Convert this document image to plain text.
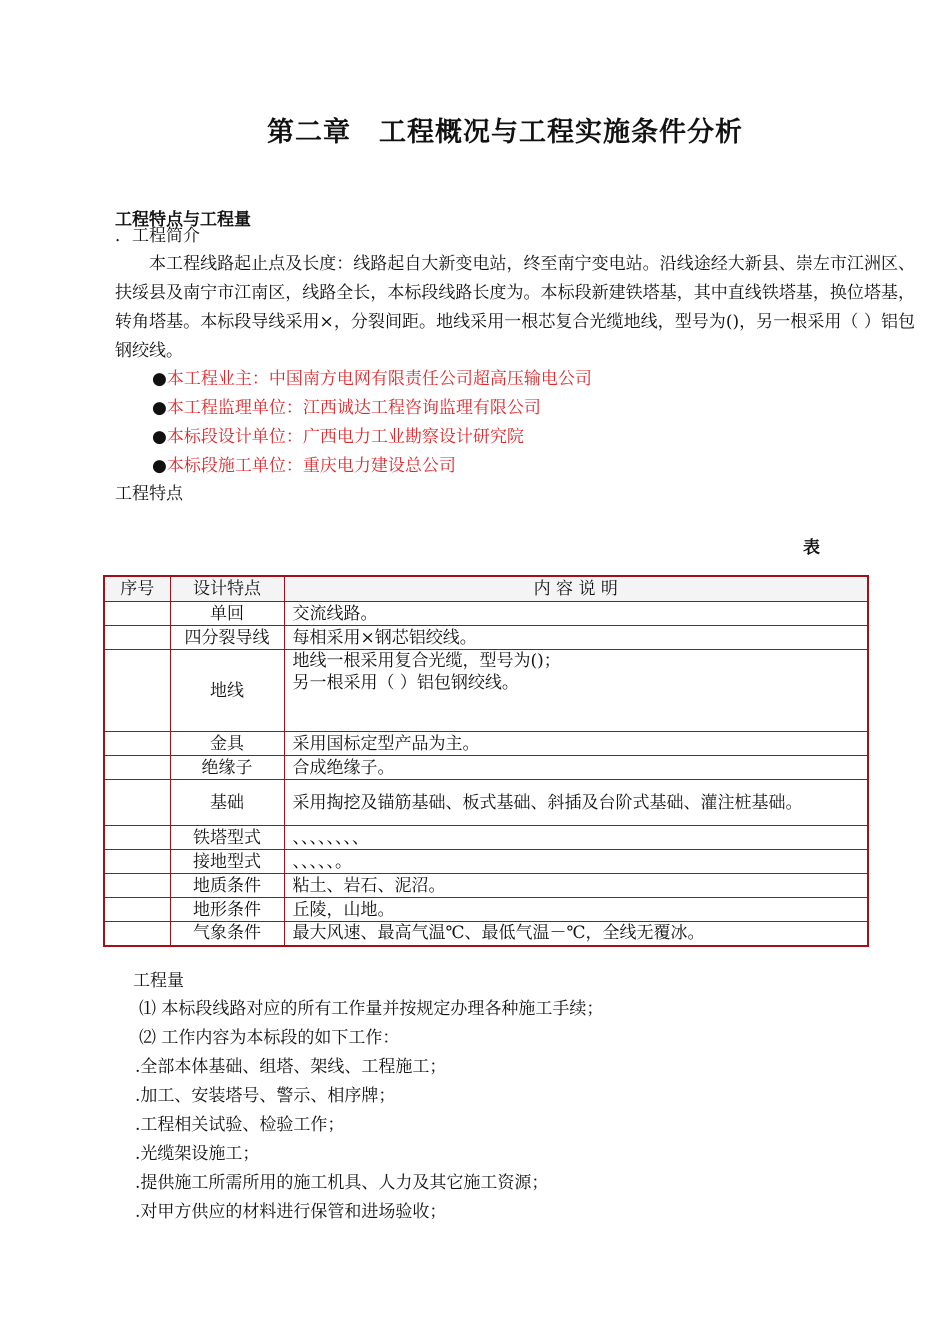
第二章 工程概况与工程实施条件分析
工程特点与工程量
．工程简介
本工程线路起止点及长度：线路起自大新变电站，终至南宁变电站。沿线途经大新县、崇左市江洲区、扶绥县及南宁市江南区，线路全长，本标段线路长度为。本标段新建铁塔基，其中直线铁塔基，换位塔基，转角塔基。本标段导线采用×，分裂间距。地线采用一根芯复合光缆地线，型号为()，另一根采用（ ）铝包钢绞线。
●本工程业主：中国南方电网有限责任公司超高压输电公司
●本工程监理单位：江西诚达工程咨询监理有限公司
●本标段设计单位：广西电力工业勘察设计研究院
●本标段施工单位：重庆电力建设总公司
工程特点
表
序号	设计特点	内 容 说 明
	单回	交流线路。
	四分裂导线	每相采用×钢芯铝绞线。
	地线	地线一根采用复合光缆，型号为()；
另一根采用（ ）铝包钢绞线。

	金具	采用国标定型产品为主。
	绝缘子	合成绝缘子。
	基础	采用掏挖及锚筋基础、板式基础、斜插及台阶式基础、灌注桩基础。
	铁塔型式	、、、、、、、、
	接地型式	、、、、、。
	地质条件	粘土、岩石、泥沼。
	地形条件	丘陵，山地。
	气象条件	最大风速、最高气温℃、最低气温－℃，全线无覆冰。
工程量
⑴ 本标段线路对应的所有工作量并按规定办理各种施工手续；
⑵ 工作内容为本标段的如下工作：
.全部本体基础、组塔、架线、工程施工；
.加工、安装塔号、警示、相序牌；
.工程相关试验、检验工作；
.光缆架设施工；
.提供施工所需所用的施工机具、人力及其它施工资源；
.对甲方供应的材料进行保管和进场验收；
